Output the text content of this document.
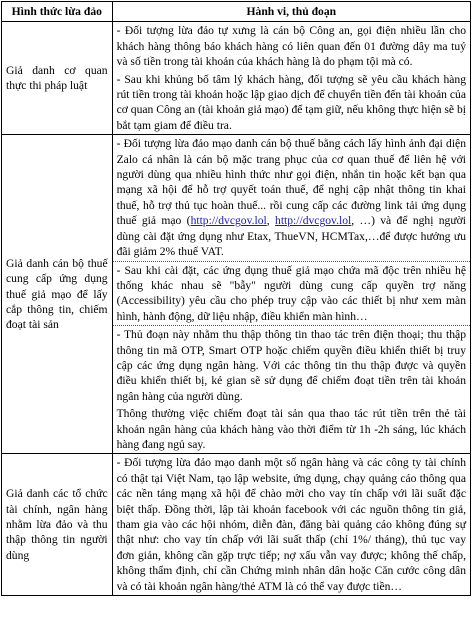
Hình thức lừa đảo	Hành vi, thủ đoạn
Giả danh cơ quan thực thi pháp luật	- Đối tượng lừa đảo tự xưng là cán bộ Công an, gọi điện nhiều lần cho khách hàng thông báo khách hàng có liên quan đến 01 đường dây ma tuý và số tiền trong tài khoản của khách hàng là do phạm tội mà có.

- Sau khi khủng bố tâm lý khách hàng, đối tượng sẽ yêu cầu khách hàng rút tiền trong tài khoản hoặc lập giao dịch để chuyển tiền đến tài khoản của cơ quan Công an (tài khoản giả mạo) để tạm giữ, nếu không thực hiện sẽ bị bắt tạm giam để điều tra.

Giả danh cán bộ thuế cung cấp ứng dụng thuế giả mạo để lấy cắp thông tin, chiếm đoạt tài sản	- Đối tượng lừa đảo mạo danh cán bộ thuế bằng cách lấy hình ảnh đại diện Zalo cá nhân là cán bộ mặc trang phục của cơ quan thuế để liên hệ với người dùng qua nhiều hình thức như gọi điện, nhắn tin hoặc kết bạn qua mạng xã hội để hỗ trợ quyết toán thuế, để nghị cập nhật thông tin khai thuế, hỗ trợ thủ tục hoàn thuế... rồi cung cấp các đường link tải ứng dụng thuế giả mạo (http://dvcgov.lol, http://dvcgov.lol, …) và để nghị người dùng cài đặt ứng dụng như Etax, ThueVN, HCMTax,…để được hưởng ưu đãi giảm 2% thuế VAT.

- Sau khi cài đặt, các ứng dụng thuế giả mạo chứa mã độc trên nhiều hệ thống khác nhau sẽ "bẫy" người dùng cung cấp quyền trợ năng (Accessibility) yêu cầu cho phép truy cập vào các thiết bị như xem màn hình, hành động, dữ liệu nhập, điều khiển màn hình…

- Thủ đoạn này nhằm thu thập thông tin thao tác trên điện thoại; thu thập thông tin mã OTP, Smart OTP hoặc chiếm quyền điều khiển thiết bị truy cập các ứng dụng ngân hàng. Với các thông tin thu thập được và quyền điều khiển thiết bị, kẻ gian sẽ sử dụng để chiếm đoạt tiền trên tài khoản ngân hàng của người dùng.

Thông thường việc chiếm đoạt tài sản qua thao tác rút tiền trên thẻ tài khoản ngân hàng của khách hàng vào thời điểm từ 1h -2h sáng, lúc khách hàng đang ngủ say.

Giả danh các tổ chức tài chính, ngân hàng nhằm lừa đảo và thu thập thông tin người dùng	- Đối tượng lừa đảo mạo danh một số ngân hàng và các công ty tài chính có thật tại Việt Nam, tạo lập website, ứng dụng, chạy quảng cáo thông qua các nền tảng mạng xã hội để chào mời cho vay tín chấp với lãi suất đặc biệt thấp. Đồng thời, lập tài khoản facebook với các nguồn thông tin giả, tham gia vào các hội nhóm, diễn đàn, đăng bài quảng cáo không đúng sự thật như: cho vay tín chấp với lãi suất thấp (chỉ 1%/ tháng), thủ tục vay đơn giản, không cần gặp trực tiếp; nợ xấu vẫn vay được; không thế chấp, không thẩm định, chỉ cần Chứng minh nhân dân hoặc Căn cước công dân và có tài khoản ngân hàng/thẻ ATM là có thể vay được tiền…
